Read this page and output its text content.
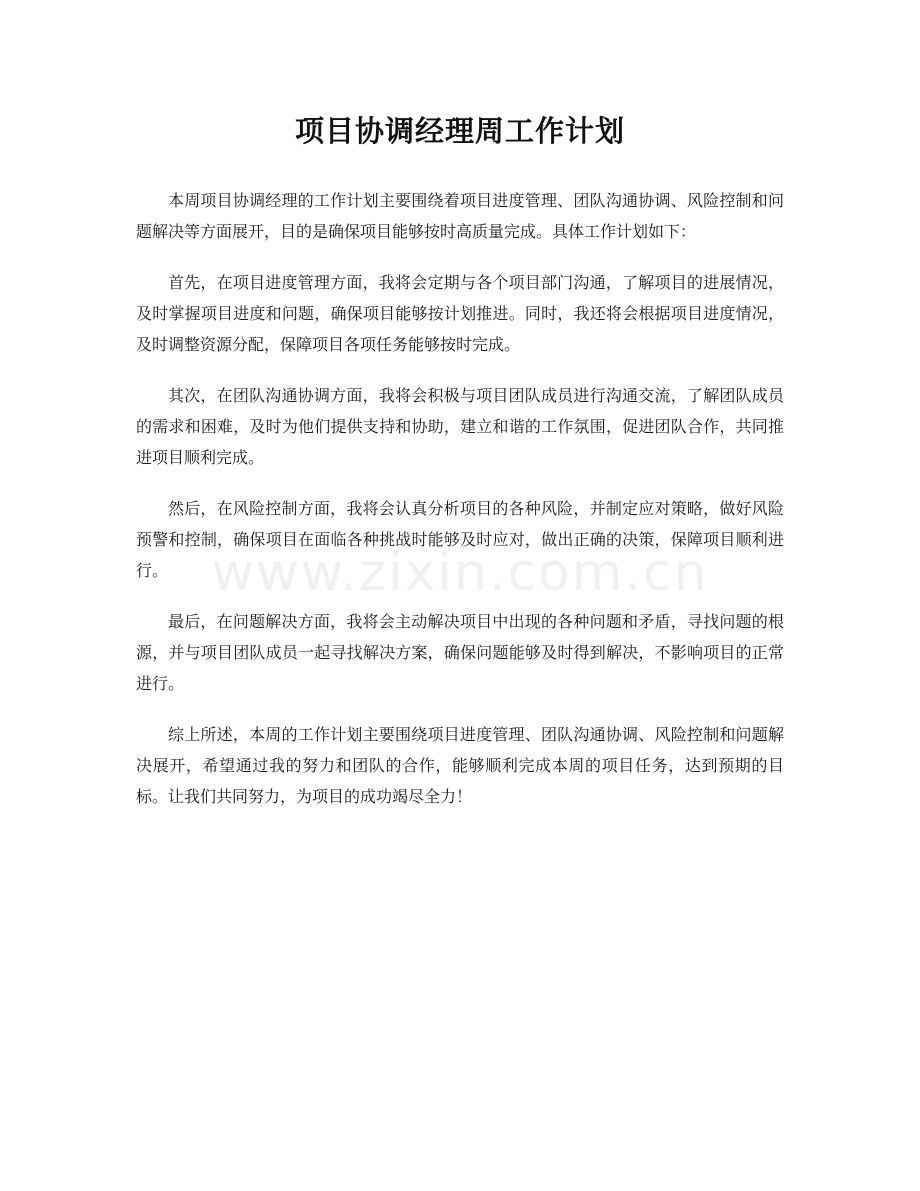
项目协调经理周工作计划

本周项目协调经理的工作计划主要围绕着项目进度管理、团队沟通协调、风险控制和问题解决等方面展开，目的是确保项目能够按时高质量完成。具体工作计划如下：

首先，在项目进度管理方面，我将会定期与各个项目部门沟通，了解项目的进展情况，及时掌握项目进度和问题，确保项目能够按计划推进。同时，我还将会根据项目进度情况，及时调整资源分配，保障项目各项任务能够按时完成。

其次，在团队沟通协调方面，我将会积极与项目团队成员进行沟通交流，了解团队成员的需求和困难，及时为他们提供支持和协助，建立和谐的工作氛围，促进团队合作，共同推进项目顺利完成。

然后，在风险控制方面，我将会认真分析项目的各种风险，并制定应对策略，做好风险预警和控制，确保项目在面临各种挑战时能够及时应对，做出正确的决策，保障项目顺利进行。

最后，在问题解决方面，我将会主动解决项目中出现的各种问题和矛盾，寻找问题的根源，并与项目团队成员一起寻找解决方案，确保问题能够及时得到解决，不影响项目的正常进行。

综上所述，本周的工作计划主要围绕项目进度管理、团队沟通协调、风险控制和问题解决展开，希望通过我的努力和团队的合作，能够顺利完成本周的项目任务，达到预期的目标。让我们共同努力，为项目的成功竭尽全力！

www.zixin.com.cn
